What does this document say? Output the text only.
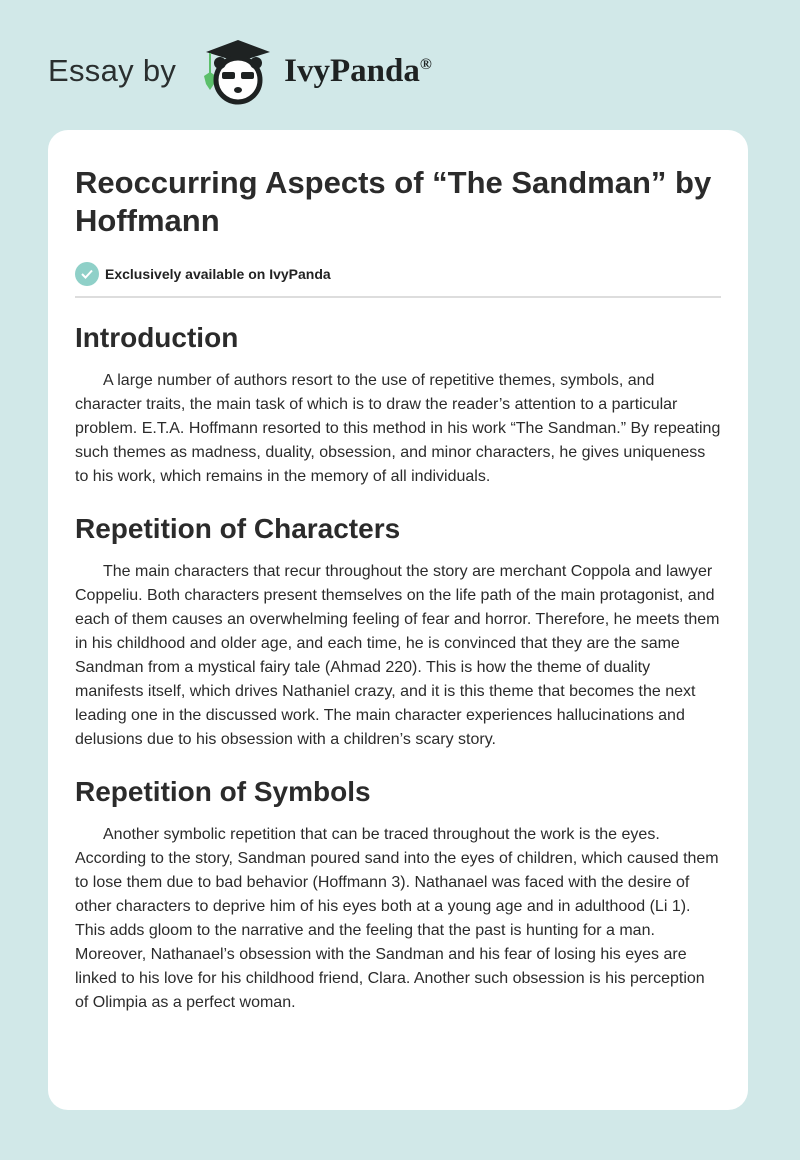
Essay by	IvyPanda®
Reoccurring Aspects of “The Sandman” by Hoffmann
Exclusively available on IvyPanda
Introduction

A large number of authors resort to the use of repetitive themes, symbols, and character traits, the main task of which is to draw the reader’s attention to a particular problem. E.T.A. Hoffmann resorted to this method in his work “The Sandman.” By repeating such themes as madness, duality, obsession, and minor characters, he gives uniqueness to his work, which remains in the memory of all individuals.

Repetition of Characters

The main characters that recur throughout the story are merchant Coppola and lawyer Coppeliu. Both characters present themselves on the life path of the main protagonist, and each of them causes an overwhelming feeling of fear and horror. Therefore, he meets them in his childhood and older age, and each time, he is convinced that they are the same Sandman from a mystical fairy tale (Ahmad 220). This is how the theme of duality manifests itself, which drives Nathaniel crazy, and it is this theme that becomes the next leading one in the discussed work. The main character experiences hallucinations and delusions due to his obsession with a children’s scary story.

Repetition of Symbols

Another symbolic repetition that can be traced throughout the work is the eyes. According to the story, Sandman poured sand into the eyes of children, which caused them to lose them due to bad behavior (Hoffmann 3). Nathanael was faced with the desire of other characters to deprive him of his eyes both at a young age and in adulthood (Li 1). This adds gloom to the narrative and the feeling that the past is hunting for a man. Moreover, Nathanael’s obsession with the Sandman and his fear of losing his eyes are linked to his love for his childhood friend, Clara. Another such obsession is his perception of Olimpia as a perfect woman.
